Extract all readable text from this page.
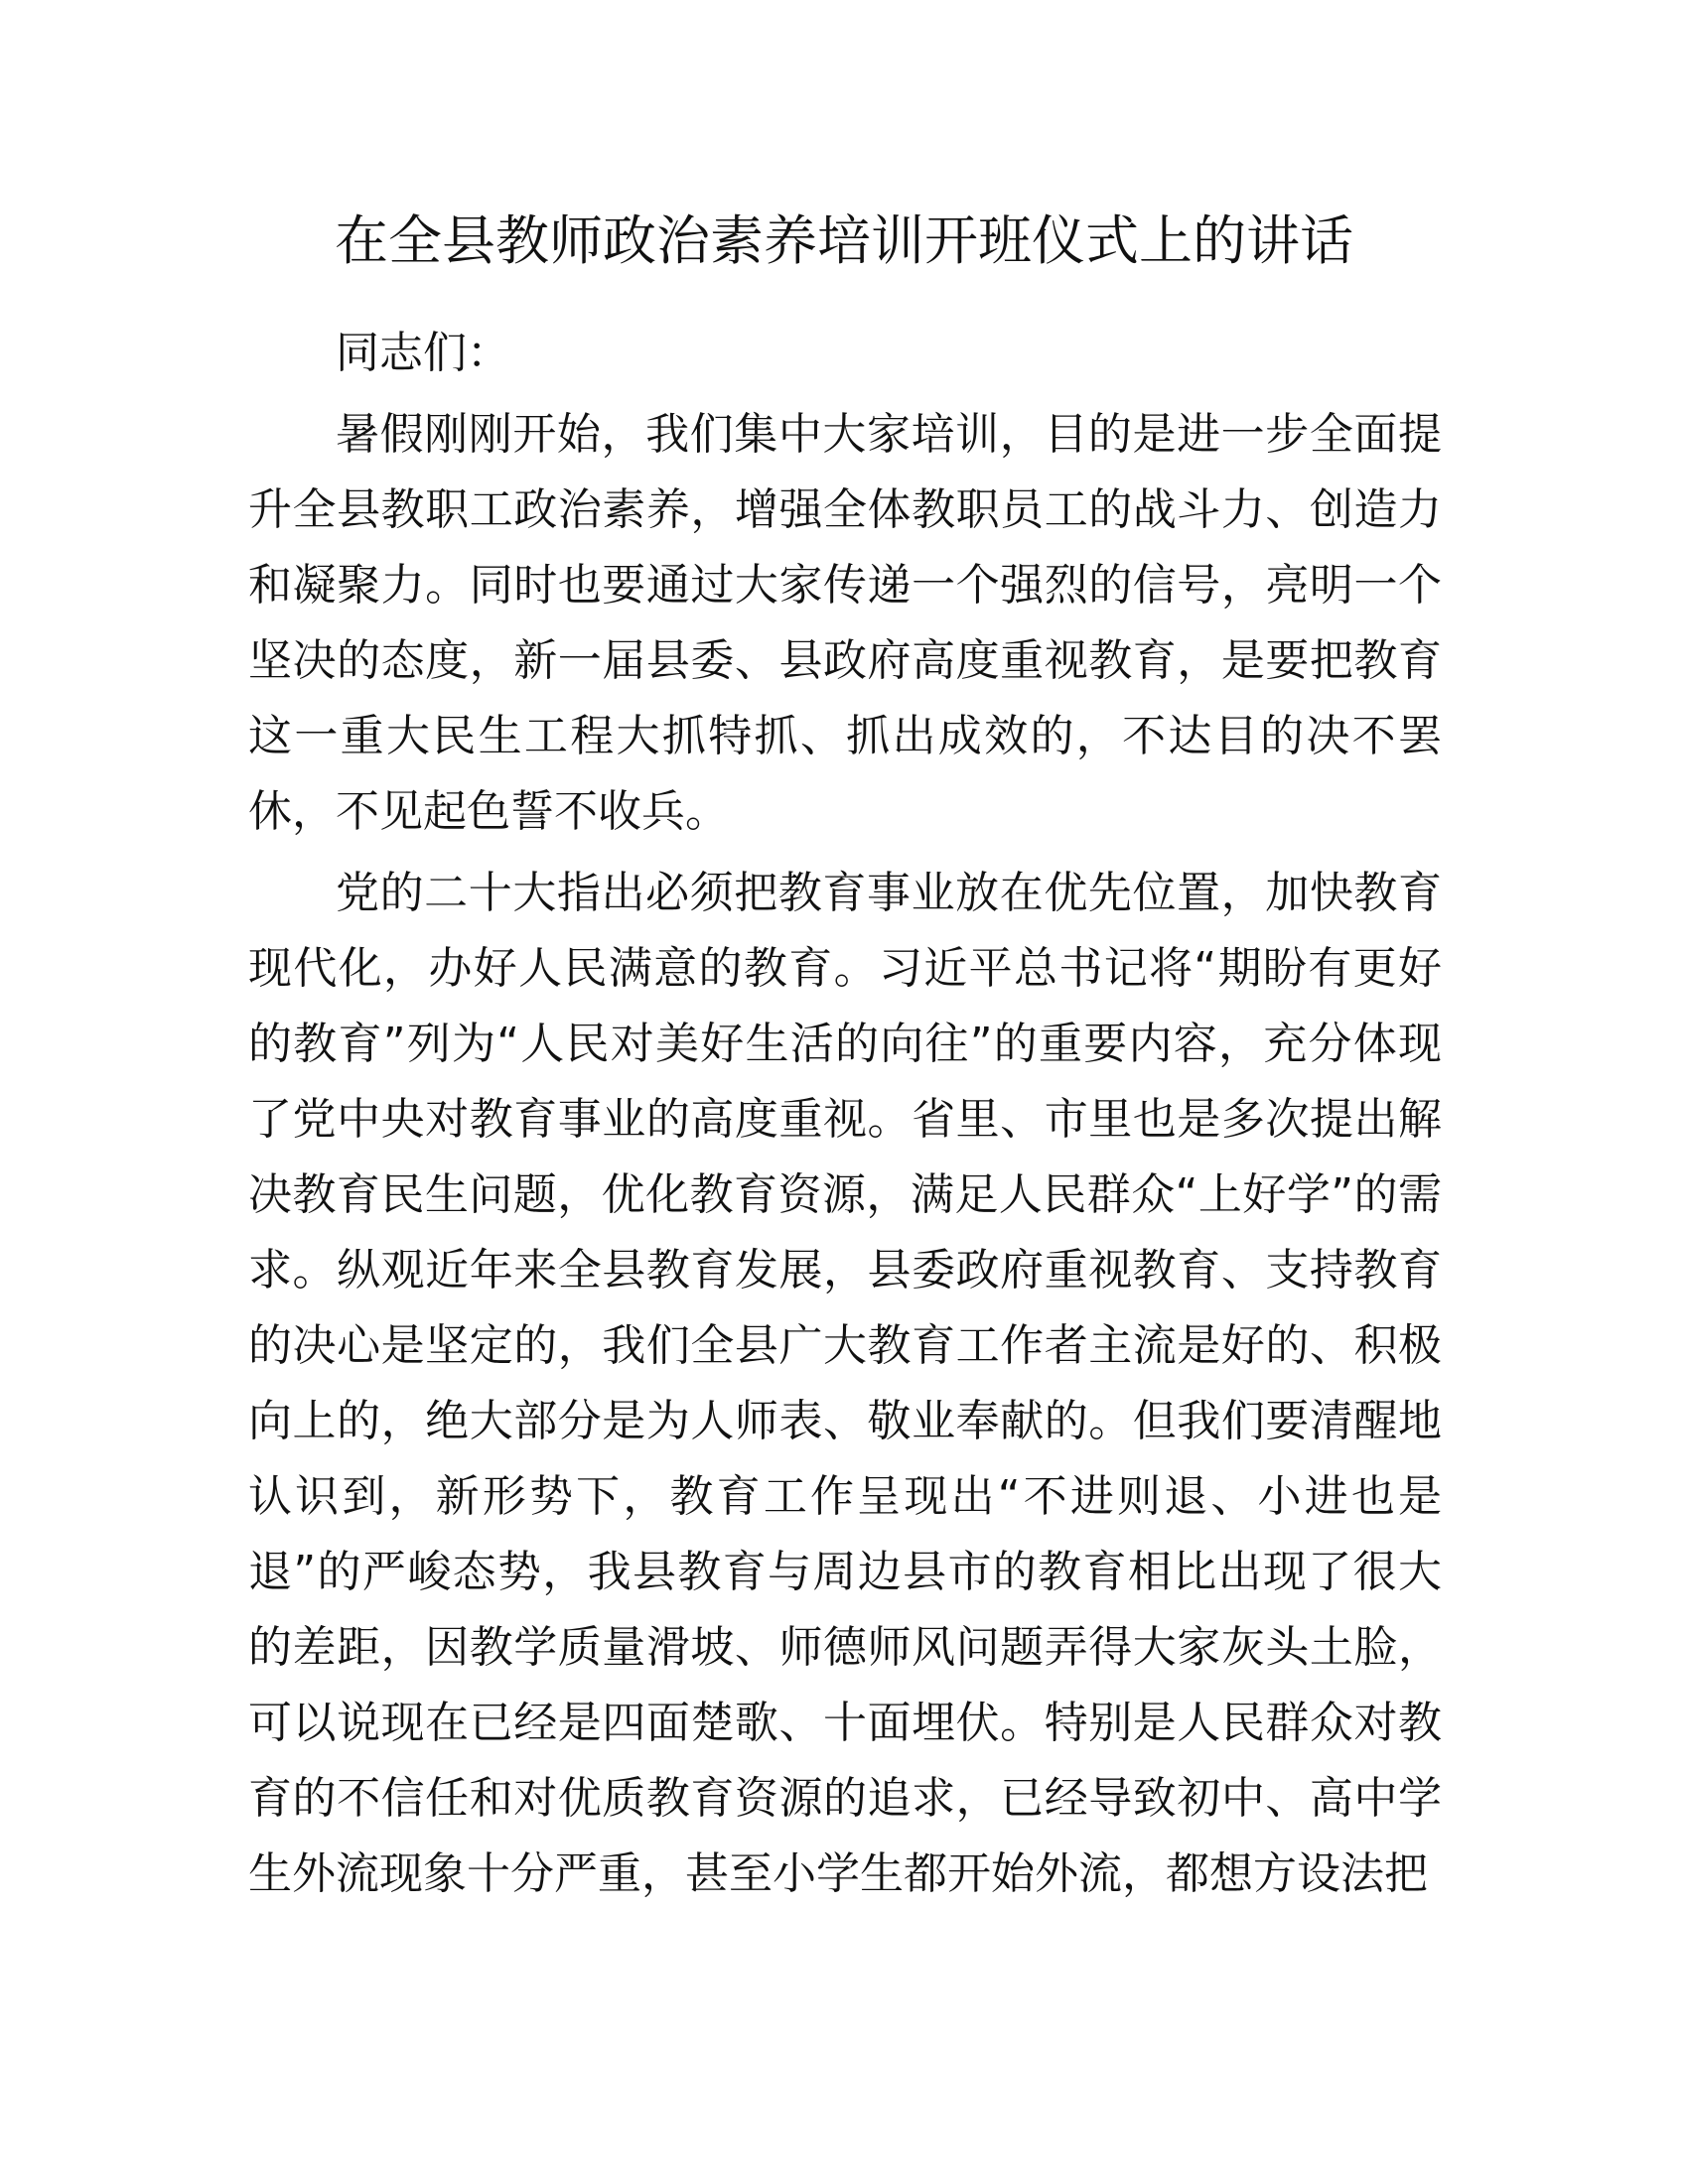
在全县教师政治素养培训开班仪式上的讲话

同志们：

暑假刚刚开始，我们集中大家培训，目的是进一步全面提升全县教职工政治素养，增强全体教职员工的战斗力、创造力和凝聚力。同时也要通过大家传递一个强烈的信号，亮明一个坚决的态度，新一届县委、县政府高度重视教育，是要把教育这一重大民生工程大抓特抓、抓出成效的，不达目的决不罢休，不见起色誓不收兵。

党的二十大指出必须把教育事业放在优先位置，加快教育现代化，办好人民满意的教育。习近平总书记将“期盼有更好的教育”列为“人民对美好生活的向往”的重要内容，充分体现了党中央对教育事业的高度重视。省里、市里也是多次提出解决教育民生问题，优化教育资源，满足人民群众“上好学”的需求。纵观近年来全县教育发展，县委政府重视教育、支持教育的决心是坚定的，我们全县广大教育工作者主流是好的、积极向上的，绝大部分是为人师表、敬业奉献的。但我们要清醒地认识到，新形势下，教育工作呈现出“不进则退、小进也是退”的严峻态势，我县教育与周边县市的教育相比出现了很大的差距，因教学质量滑坡、师德师风问题弄得大家灰头土脸，可以说现在已经是四面楚歌、十面埋伏。特别是人民群众对教育的不信任和对优质教育资源的追求，已经导致初中、高中学生外流现象十分严重，甚至小学生都开始外流，都想方设法把
